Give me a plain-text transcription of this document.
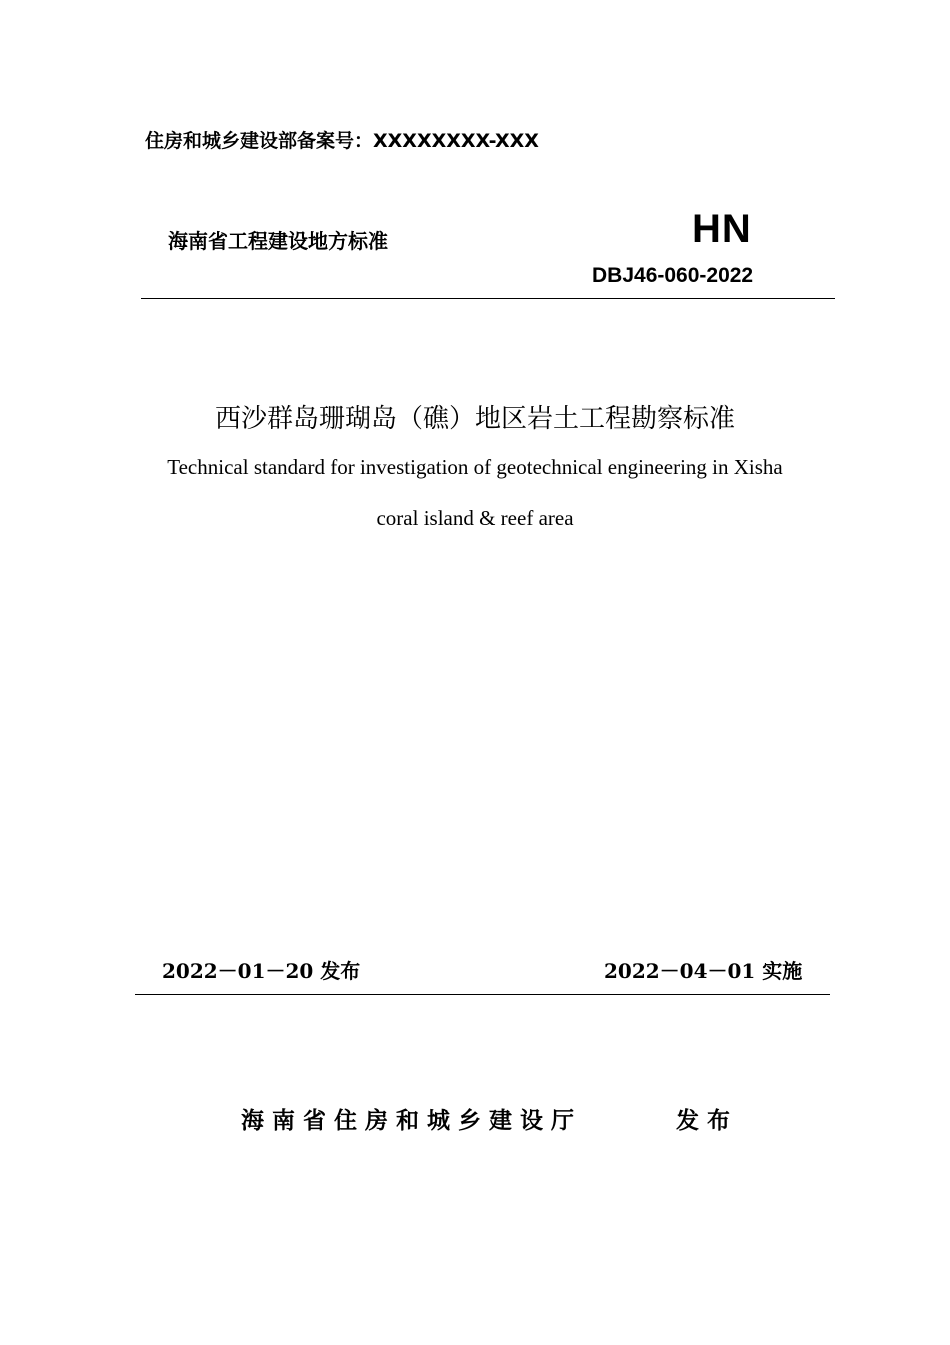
住房和城乡建设部备案号：XXXXXXXX-XXX

海南省工程建设地方标准	HN

DBJ46-060-2022

西沙群岛珊瑚岛（礁）地区岩土工程勘察标准

Technical standard for investigation of geotechnical engineering in Xisha

coral island & reef area

2022－01－20 发布	2022－04－01 实施

海南省住房和城乡建设厅	发布
